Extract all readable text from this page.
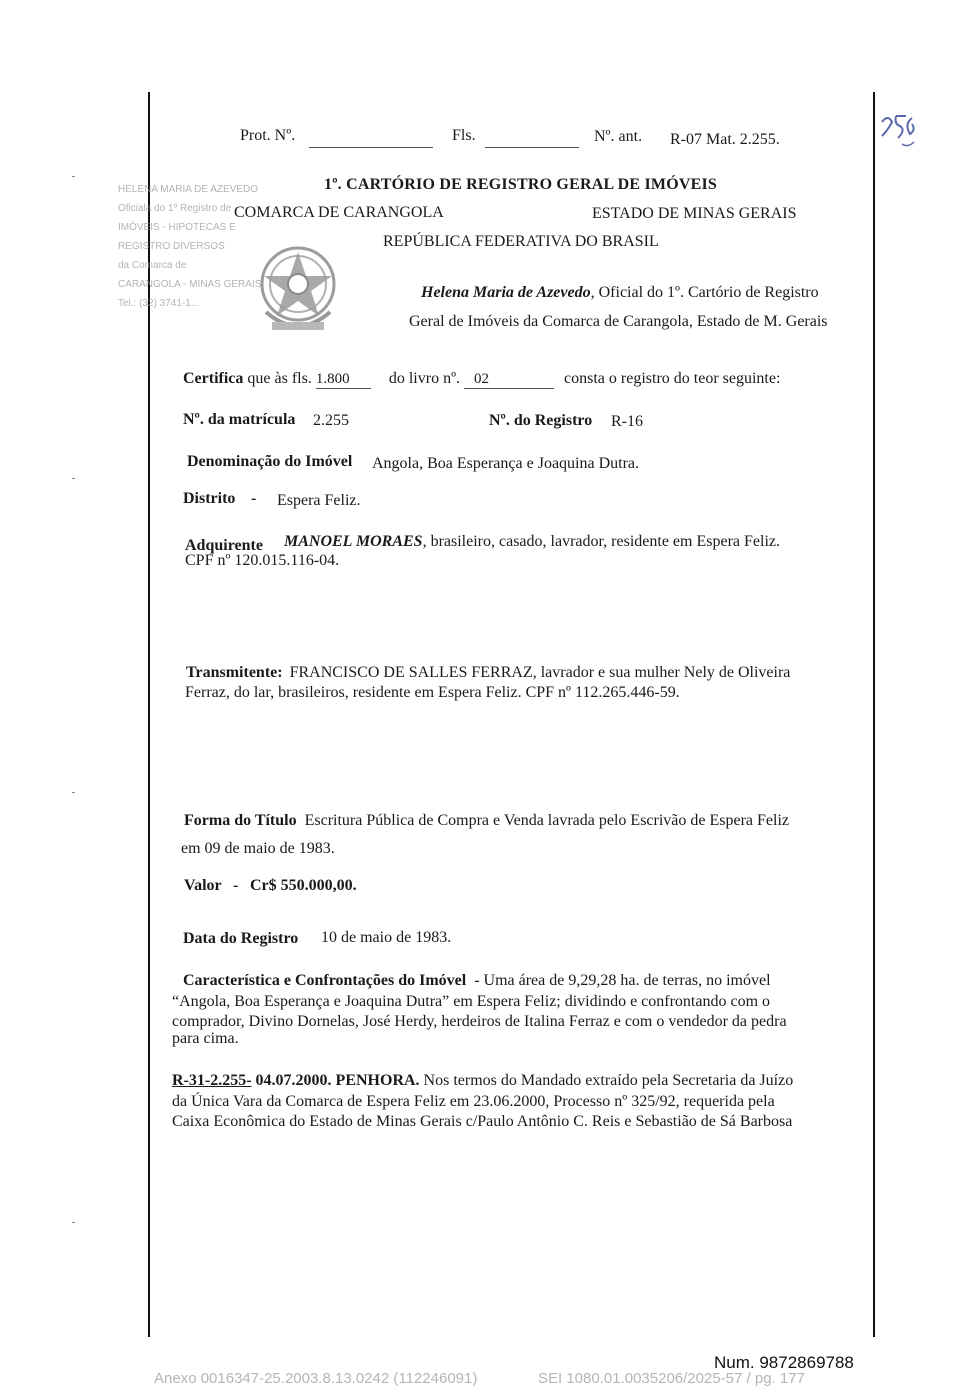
Prot. Nº.	Fls.	Nº. ant. R-07 Mat. 2.255.
1º. CARTÓRIO DE REGISTRO GERAL DE IMÓVEIS
COMARCA DE CARANGOLA	ESTADO DE MINAS GERAIS
REPÚBLICA FEDERATIVA DO BRASIL
HELENA MARIA DE AZEVEDO
Oficiala do 1º Registro de
IMÓVEIS - HIPOTECAS E
REGISTRO DIVERSOS
da Comarca de
CARANGOLA - MINAS GERAIS
Tel.: (32) 3741-1...
Helena Maria de Azevedo, Oficial do 1º. Cartório de Registro
Geral de Imóveis da Comarca de Carangola, Estado de M. Gerais
Certifica que às fls. 1.800 do livro nº. 02	consta o registro do teor seguinte:
Nº. da matrícula 2.255	Nº. do Registro R-16
Denominação do Imóvel Angola, Boa Esperança e Joaquina Dutra.
Distrito - Espera Feliz.
Adquirente MANOEL MORAES, brasileiro, casado, lavrador, residente em Espera Feliz.
CPF nº 120.015.116-04.
Transmitente: FRANCISCO DE SALLES FERRAZ, lavrador e sua mulher Nely de Oliveira
Ferraz, do lar, brasileiros, residente em Espera Feliz. CPF nº 112.265.446-59.
Forma do Título Escritura Pública de Compra e Venda lavrada pelo Escrivão de Espera Feliz
em 09 de maio de 1983.
Valor - Cr$ 550.000,00.
Data do Registro 10 de maio de 1983.
Característica e Confrontações do Imóvel - Uma área de 9,29,28 ha. de terras, no imóvel
“Angola, Boa Esperança e Joaquina Dutra” em Espera Feliz; dividindo e confrontando com o
comprador, Divino Dornelas, José Herdy, herdeiros de Italina Ferraz e com o vendedor da pedra
para cima.
R-31-2.255- 04.07.2000. PENHORA. Nos termos do Mandado extraído pela Secretaria da Juízo
da Única Vara da Comarca de Espera Feliz em 23.06.2000, Processo nº 325/92, requerida pela
Caixa Econômica do Estado de Minas Gerais c/Paulo Antônio C. Reis e Sebastião de Sá Barbosa
Num. 9872869788
Anexo 0016347-25.2003.8.13.0242 (112246091)	SEI 1080.01.0035206/2025-57 / pg. 177
